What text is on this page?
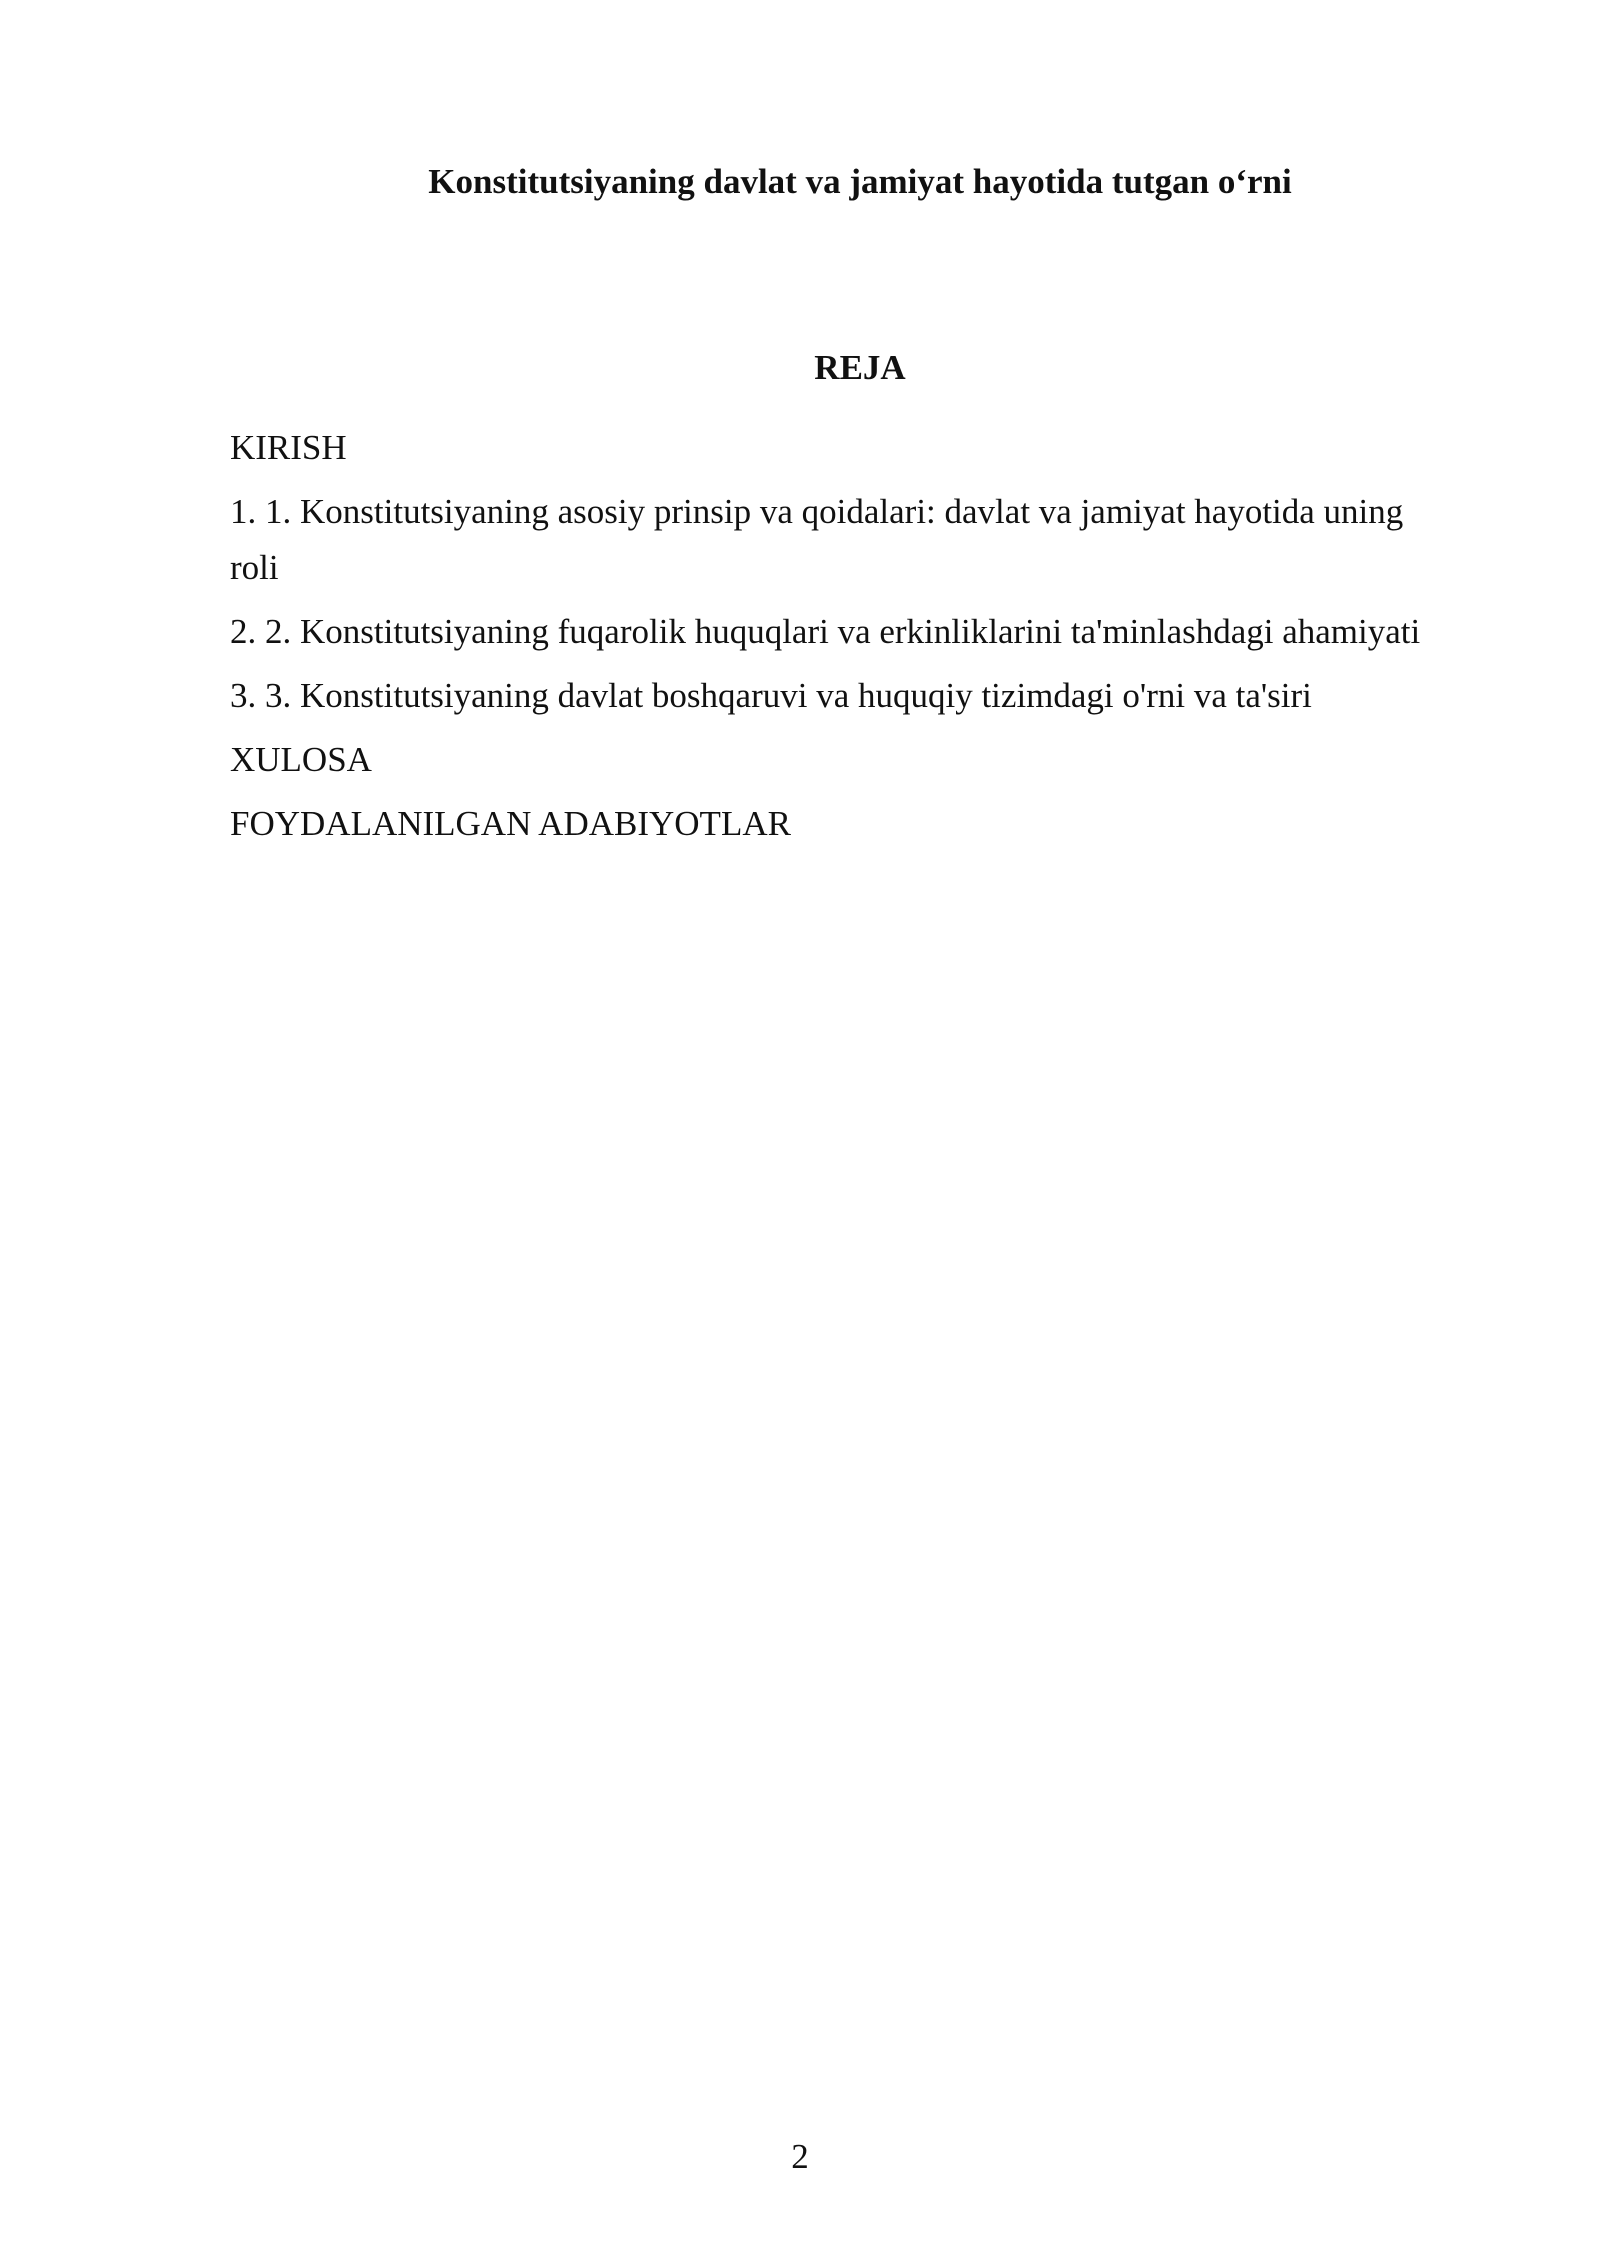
Konstitutsiyaning davlat va jamiyat hayotida tutgan o‘rni
REJA
KIRISH
1. 1. Konstitutsiyaning asosiy prinsip va qoidalari: davlat va jamiyat hayotida uning roli
2. 2. Konstitutsiyaning fuqarolik huquqlari va erkinliklarini ta'minlashdagi ahamiyati
3. 3. Konstitutsiyaning davlat boshqaruvi va huquqiy tizimdagi o'rni va ta'siri
XULOSA
FOYDALANILGAN ADABIYOTLAR
2
